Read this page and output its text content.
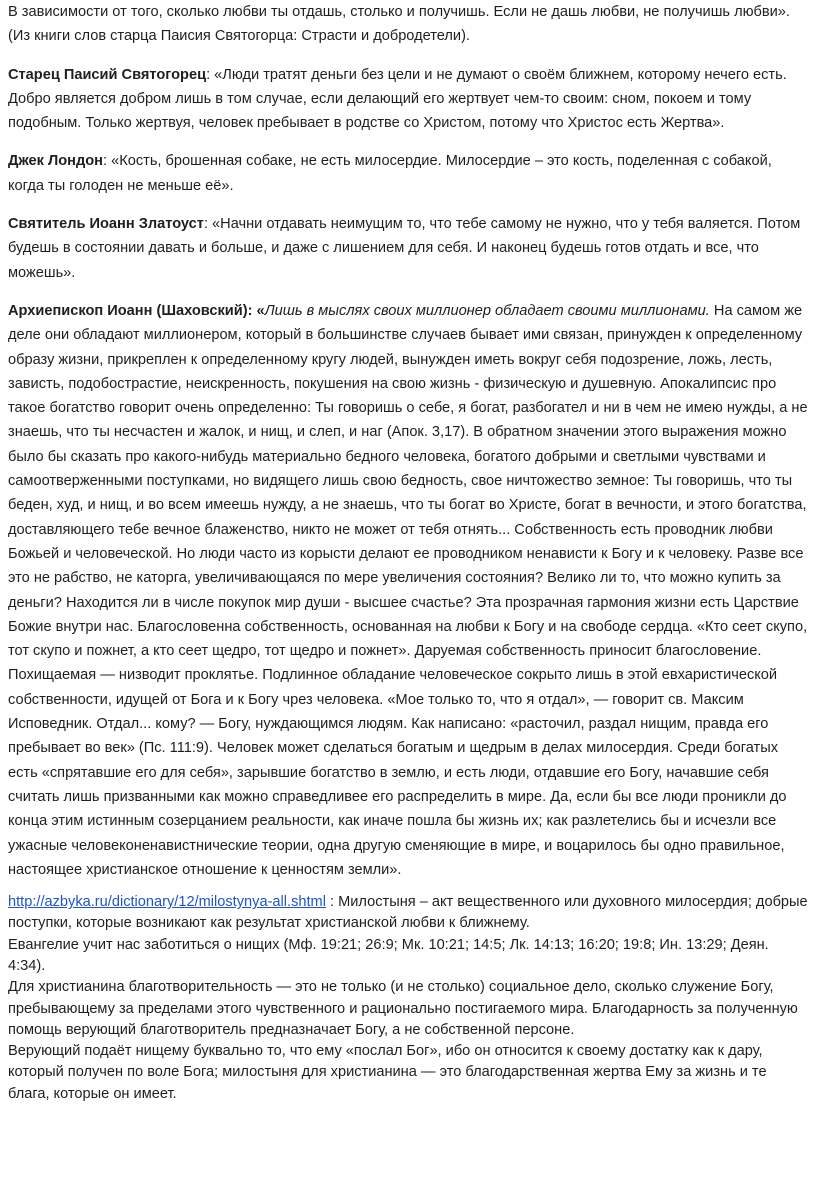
В зависимости от того, сколько любви ты отдашь, столько и получишь. Если не дашь любви, не получишь любви».
(Из книги слов старца Паисия Святогорца: Страсти и добродетели).

Старец Паисий Святогорец: «Люди тратят деньги без цели и не думают о своём ближнем, которому нечего есть. Добро является добром лишь в том случае, если делающий его жертвует чем-то своим: сном, покоем и тому подобным. Только жертвуя, человек пребывает в родстве со Христом, потому что Христос есть Жертва».

Джек Лондон: «Кость, брошенная собаке, не есть милосердие. Милосердие – это кость, поделенная с собакой, когда ты голоден не меньше её».

Святитель Иоанн Златоуст: «Начни отдавать неимущим то, что тебе самому не нужно, что у тебя валяется. Потом будешь в состоянии давать и больше, и даже с лишением для себя. И наконец будешь готов отдать и все, что можешь».

Архиепископ Иоанн (Шаховский): «Лишь в мыслях своих миллионер обладает своими миллионами. На самом же деле они обладают миллионером, который в большинстве случаев бывает ими связан, принужден к определенному образу жизни, прикреплен к определенному кругу людей, вынужден иметь вокруг себя подозрение, ложь, лесть, зависть, подобострастие, неискренность, покушения на свою жизнь - физическую и душевную. Апокалипсис про такое богатство говорит очень определенно: Ты говоришь о себе, я богат, разбогател и ни в чем не имею нужды, а не знаешь, что ты несчастен и жалок, и нищ, и слеп, и наг (Апок. 3,17). В обратном значении этого выражения можно было бы сказать про какого-нибудь материально бедного человека, богатого добрыми и светлыми чувствами и самоотверженными поступками, но видящего лишь свою бедность, свое ничтожество земное: Ты говоришь, что ты беден, худ, и нищ, и во всем имеешь нужду, а не знаешь, что ты богат во Христе, богат в вечности, и этого богатства, доставляющего тебе вечное блаженство, никто не может от тебя отнять... Собственность есть проводник любви Божьей и человеческой. Но люди часто из корысти делают ее проводником ненависти к Богу и к человеку. Разве все это не рабство, не каторга, увеличивающаяся по мере увеличения состояния? Велико ли то, что можно купить за деньги? Находится ли в числе покупок мир души - высшее счастье? Эта прозрачная гармония жизни есть Царствие Божие внутри нас. Благословенна собственность, основанная на любви к Богу и на свободе сердца. «Кто сеет скупо, тот скупо и пожнет, а кто сеет щедро, тот щедро и пожнет». Даруемая собственность приносит благословение. Похищаемая — низводит проклятье. Подлинное обладание человеческое сокрыто лишь в этой евхаристической собственности, идущей от Бога и к Богу чрез человека. «Мое только то, что я отдал», — говорит св. Максим Исповедник. Отдал... кому? — Богу, нуждающимся людям. Как написано: «расточил, раздал нищим, правда его пребывает во век» (Пс. 111:9). Человек может сделаться богатым и щедрым в делах милосердия. Среди богатых есть «спрятавшие его для себя», зарывшие богатство в землю, и есть люди, отдавшие его Богу, начавшие себя считать лишь призванными как можно справедливее его распределить в мире. Да, если бы все люди проникли до конца этим истинным созерцанием реальности, как иначе пошла бы жизнь их; как разлетелись бы и исчезли все ужасные человеконенавистнические теории, одна другую сменяющие в мире, и воцарилось бы одно правильное, настоящее христианское отношение к ценностям земли».

http://azbyka.ru/dictionary/12/milostynya-all.shtml : Милостыня – акт вещественного или духовного милосердия; добрые поступки, которые возникают как результат христианской любви к ближнему.

Евангелие учит нас заботиться о нищих (Мф. 19:21; 26:9; Мк. 10:21; 14:5; Лк. 14:13; 16:20; 19:8; Ин. 13:29; Деян. 4:34).

Для христианина благотворительность — это не только (и не столько) социальное дело, сколько служение Богу, пребывающему за пределами этого чувственного и рационально постигаемого мира. Благодарность за полученную помощь верующий благотворитель предназначает Богу, а не собственной персоне.

Верующий подаёт нищему буквально то, что ему «послал Бог», ибо он относится к своему достатку как к дару, который получен по воле Бога; милостыня для христианина — это благодарственная жертва Ему за жизнь и те блага, которые он имеет.
